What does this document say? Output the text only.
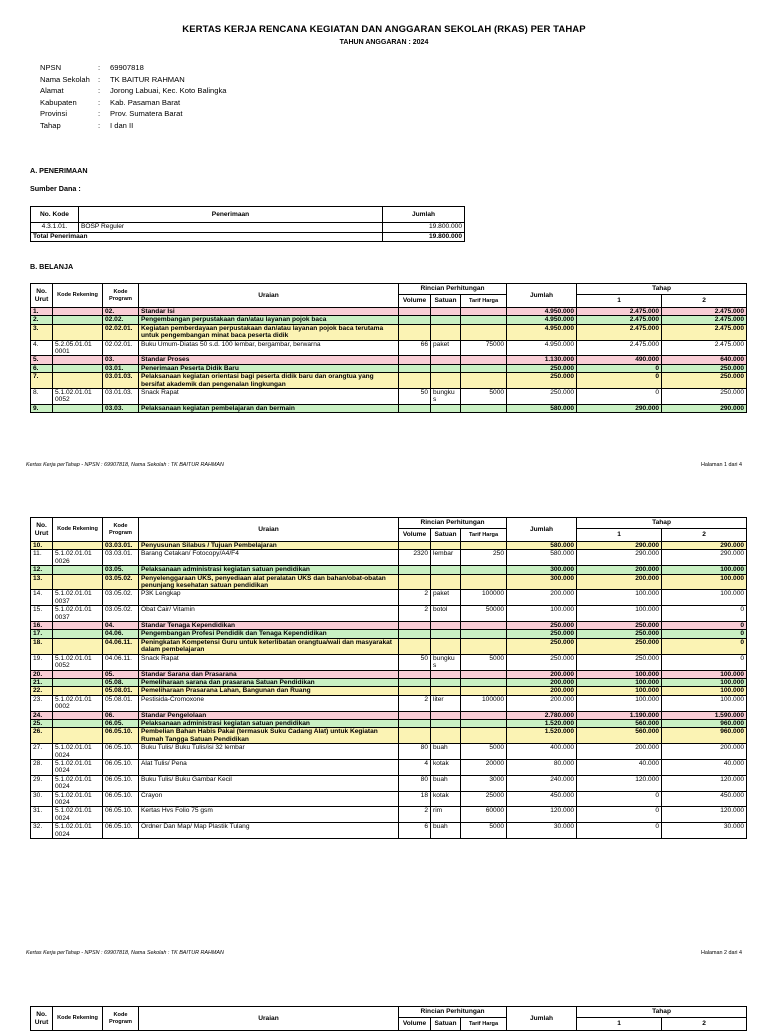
KERTAS KERJA RENCANA KEGIATAN DAN ANGGARAN SEKOLAH (RKAS) PER TAHAP
TAHUN ANGGARAN : 2024
NPSN	:	69907818
Nama Sekolah	:	TK BAITUR RAHMAN
Alamat	:	Jorong Labuai, Kec. Koto Balingka
Kabupaten	:	Kab. Pasaman Barat
Provinsi	:	Prov. Sumatera Barat
Tahap	:	I dan II
A. PENERIMAAN
Sumber Dana :
No. Kode	Penerimaan	Jumlah
4.3.1.01.	BOSP Reguler	19.800.000
Total Penerimaan		19.800.000
B. BELANJA
No. Urut	Kode Rekening	Kode Program	Uraian	Rincian Perhitungan			Jumlah	Tahap	
				Volume	Satuan	Tarif Harga		1	2
1.		02.	Standar Isi				4.950.000	2.475.000	2.475.000
2.		02.02.	Pengembangan perpustakaan dan/atau layanan pojok baca				4.950.000	2.475.000	2.475.000
3.		02.02.01.	Kegiatan pemberdayaan perpustakaan dan/atau layanan pojok baca terutama untuk pengembangan minat baca peserta didik				4.950.000	2.475.000	2.475.000
4.	5.2.05.01.01 0001	02.02.01.	Buku Umum-Diatas 50 s.d. 100 lembar, bergambar, berwarna	66	paket	75000	4.950.000	2.475.000	2.475.000
5.		03.	Standar Proses				1.130.000	490.000	640.000
6.		03.01.	Penerimaan Peserta Didik Baru				250.000	0	250.000
7.		03.01.03.	Pelaksanaan kegiatan orientasi bagi peserta didik baru dan orangtua yang bersifat akademik dan pengenalan lingkungan				250.000	0	250.000
8.	5.1.02.01.01 0052	03.01.03.	Snack Rapat	50	bungku s	5000	250.000	0	250.000
9.		03.03.	Pelaksanaan kegiatan pembelajaran dan bermain				580.000	290.000	290.000
Kertas Kerja perTahap - NPSN : 69907818, Nama Sekolah : TK BAITUR RAHMAN	Halaman 1 dari 4
No. Urut	Kode Rekening	Kode Program	Uraian	Rincian Perhitungan			Jumlah	Tahap	
				Volume	Satuan	Tarif Harga		1	2
10.		03.03.01.	Penyusunan Silabus / Tujuan Pembelajaran				580.000	290.000	290.000
11.	5.1.02.01.01 0026	03.03.01.	Barang Cetakan/ Fotocopy/A4/F4	2320	lembar	250	580.000	290.000	290.000
12.		03.05.	Pelaksanaan administrasi kegiatan satuan pendidikan				300.000	200.000	100.000
13.		03.05.02.	Penyelenggaraan UKS, penyediaan alat peralatan UKS dan bahan/obat-obatan penunjang kesehatan satuan pendidikan				300.000	200.000	100.000
14.	5.1.02.01.01 0037	03.05.02.	P3K Lengkap	2	paket	100000	200.000	100.000	100.000
15.	5.1.02.01.01 0037	03.05.02.	Obat Cair/ Vitamin	2	botol	50000	100.000	100.000	0
16.		04.	Standar Tenaga Kependidikan				250.000	250.000	0
17.		04.06.	Pengembangan Profesi Pendidik dan Tenaga Kependidikan				250.000	250.000	0
18.		04.06.11.	Peningkatan Kompetensi Guru untuk keterlibatan orangtua/wali dan masyarakat dalam pembelajaran				250.000	250.000	0
19.	5.1.02.01.01 0052	04.06.11.	Snack Rapat	50	bungku s	5000	250.000	250.000	0
20.		05.	Standar Sarana dan Prasarana				200.000	100.000	100.000
21.		05.08.	Pemeliharaan sarana dan prasarana Satuan Pendidikan				200.000	100.000	100.000
22.		05.08.01.	Pemeliharaan Prasarana Lahan, Bangunan dan Ruang				200.000	100.000	100.000
23.	5.1.02.01.01 0002	05.08.01.	Pestisida-Cromoxone	2	liter	100000	200.000	100.000	100.000
24.		06.	Standar Pengelolaan				2.780.000	1.190.000	1.590.000
25.		06.05.	Pelaksanaan administrasi kegiatan satuan pendidikan				1.520.000	560.000	960.000
26.		06.05.10.	Pembelian Bahan Habis Pakai (termasuk Suku Cadang Alat) untuk Kegiatan Rumah Tangga Satuan Pendidikan				1.520.000	560.000	960.000
27.	5.1.02.01.01 0024	06.05.10.	Buku Tulis/ Buku Tulis/isi 32 lembar	80	buah	5000	400.000	200.000	200.000
28.	5.1.02.01.01 0024	06.05.10.	Alat Tulis/ Pena	4	kotak	20000	80.000	40.000	40.000
29.	5.1.02.01.01 0024	06.05.10.	Buku Tulis/ Buku Gambar Kecil	80	buah	3000	240.000	120.000	120.000
30.	5.1.02.01.01 0024	06.05.10.	Crayon	18	kotak	25000	450.000	0	450.000
31.	5.1.02.01.01 0024	06.05.10.	Kertas Hvs Folio 75 gsm	2	rim	60000	120.000	0	120.000
32.	5.1.02.01.01 0024	06.05.10.	Ordner Dan Map/ Map Plastik Tulang	6	buah	5000	30.000	0	30.000
Kertas Kerja perTahap - NPSN : 69907818, Nama Sekolah : TK BAITUR RAHMAN	Halaman 2 dari 4
No. Urut	Kode Rekening	Kode Program	Uraian	Rincian Perhitungan			Jumlah	Tahap	
				Volume	Satuan	Tarif Harga		1	2
